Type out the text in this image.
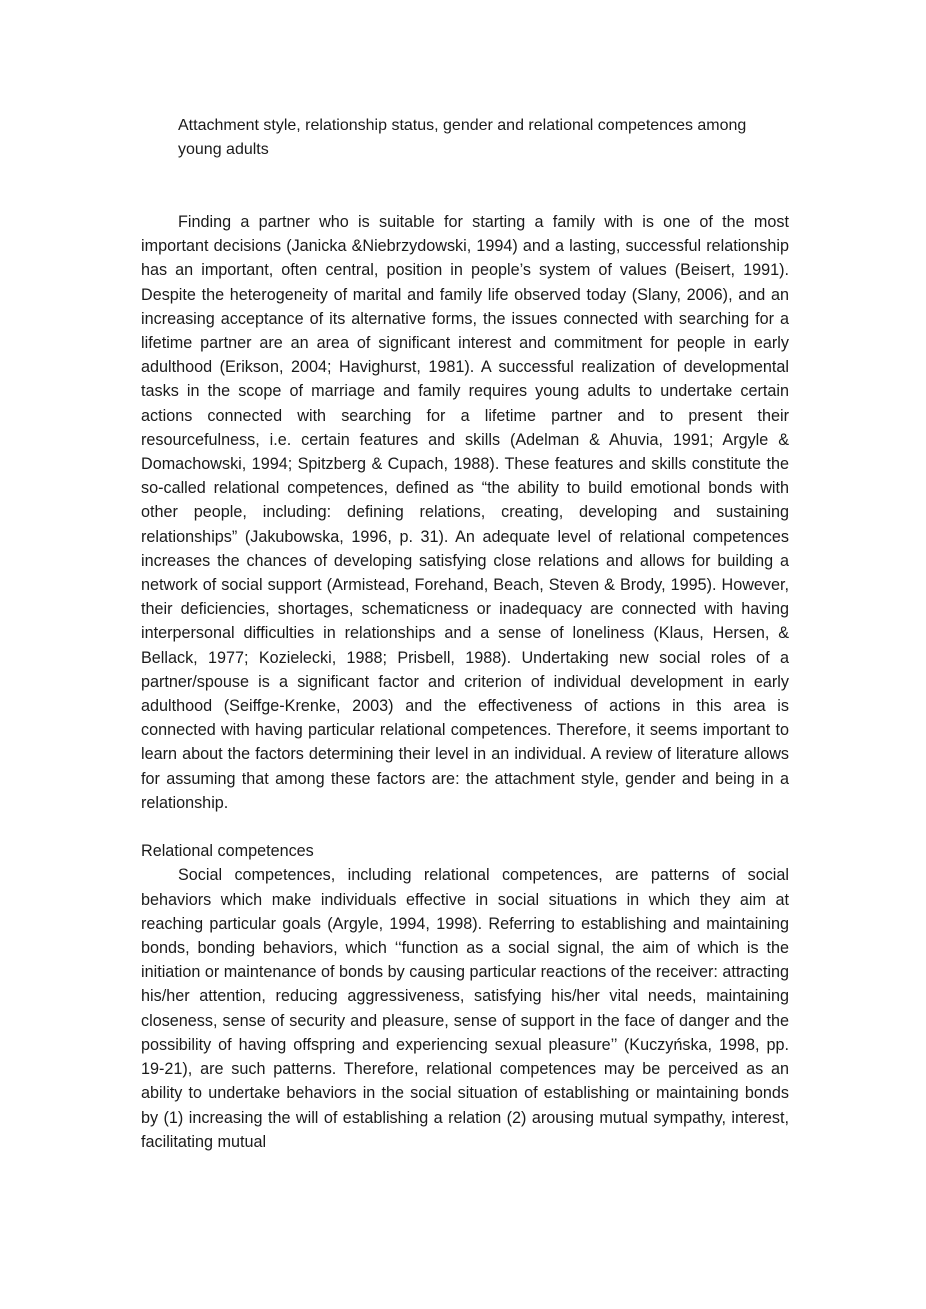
Attachment style, relationship status, gender and relational competences among young adults

Finding a partner who is suitable for starting a family with is one of the most important decisions (Janicka &Niebrzydowski, 1994) and a lasting, successful relationship has an important, often central, position in people’s system of values (Beisert, 1991). Despite the heterogeneity of marital and family life observed today (Slany, 2006), and an increasing acceptance of its alternative forms, the issues connected with searching for a lifetime partner are an area of significant interest and commitment for people in early adulthood (Erikson, 2004; Havighurst, 1981). A successful realization of developmental tasks in the scope of marriage and family requires young adults to undertake certain actions connected with searching for a lifetime partner and to present their resourcefulness, i.e. certain features and skills (Adelman & Ahuvia, 1991; Argyle & Domachowski, 1994; Spitzberg & Cupach, 1988). These features and skills constitute the so-called relational competences, defined as “the ability to build emotional bonds with other people, including: defining relations, creating, developing and sustaining relationships” (Jakubowska, 1996, p. 31). An adequate level of relational competences increases the chances of developing satisfying close relations and allows for building a network of social support (Armistead, Forehand, Beach, Steven & Brody, 1995). However, their deficiencies, shortages, schematicness or inadequacy are connected with having interpersonal difficulties in relationships and a sense of loneliness (Klaus, Hersen, & Bellack, 1977; Kozielecki, 1988; Prisbell, 1988). Undertaking new social roles of a partner/spouse is a significant factor and criterion of individual development in early adulthood (Seiffge-Krenke, 2003) and the effectiveness of actions in this area is connected with having particular relational competences. Therefore, it seems important to learn about the factors determining their level in an individual. A review of literature allows for assuming that among these factors are: the attachment style, gender and being in a relationship.

Relational competences

Social competences, including relational competences, are patterns of social behaviors which make individuals effective in social situations in which they aim at reaching particular goals (Argyle, 1994, 1998). Referring to establishing and maintaining bonds, bonding behaviors, which ‘‘function as a social signal, the aim of which is the initiation or maintenance of bonds by causing particular reactions of the receiver: attracting his/her attention, reducing aggressiveness, satisfying his/her vital needs, maintaining closeness, sense of security and pleasure, sense of support in the face of danger and the possibility of having offspring and experiencing sexual pleasure’’ (Kuczyńska, 1998, pp. 19-21), are such patterns. Therefore, relational competences may be perceived as an ability to undertake behaviors in the social situation of establishing or maintaining bonds by (1) increasing the will of establishing a relation (2) arousing mutual sympathy, interest, facilitating mutual
